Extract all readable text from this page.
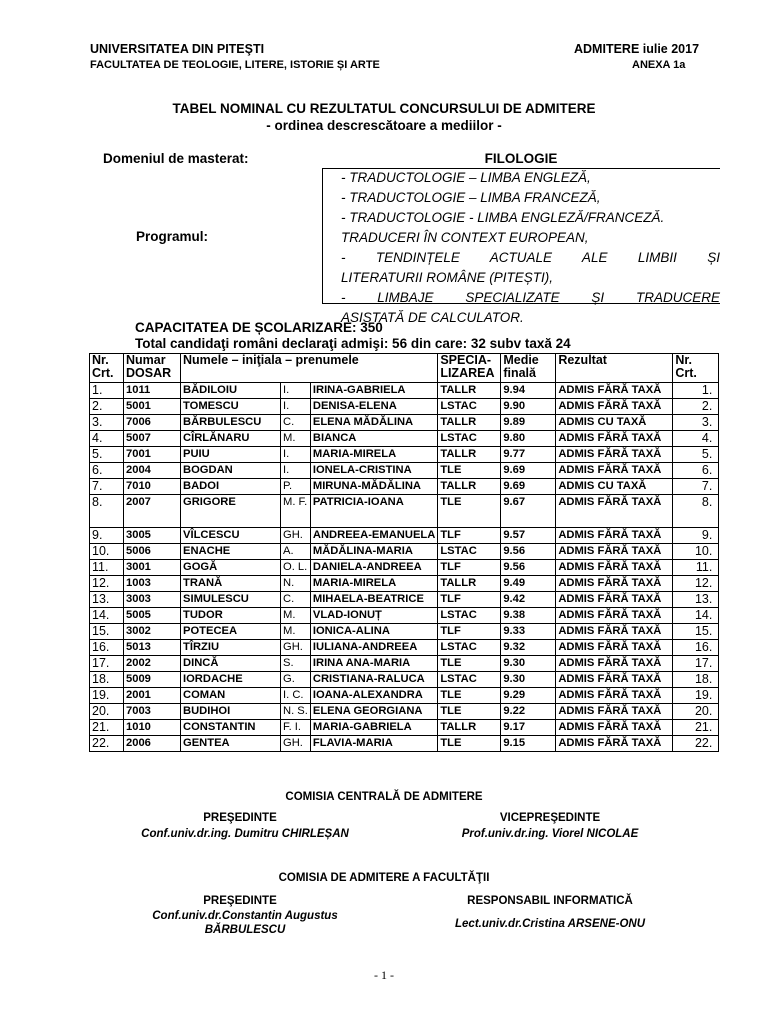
UNIVERSITATEA DIN PITEŞTI
FACULTATEA DE TEOLOGIE, LITERE, ISTORIE ȘI ARTE
ADMITERE iulie 2017
ANEXA 1a
TABEL NOMINAL CU REZULTATUL CONCURSULUI DE ADMITERE
- ordinea descrescătoare a mediilor -
Domeniul de masterat:	FILOLOGIE
Programul:
- TRADUCTOLOGIE – LIMBA ENGLEZĂ,
- TRADUCTOLOGIE – LIMBA FRANCEZĂ,
- TRADUCTOLOGIE - LIMBA ENGLEZĂ/FRANCEZĂ.
TRADUCERI ÎN CONTEXT EUROPEAN,
- TENDINȚELE ACTUALE ALE LIMBII ȘI
LITERATURII ROMÂNE (PITEȘTI),
- LIMBAJE SPECIALIZATE ȘI TRADUCERE
ASISTATĂ DE CALCULATOR.
CAPACITATEA DE ȘCOLARIZARE: 350
Total candidaţi români declaraţi admişi: 56 din care: 32 subv taxă 24
Nr. Crt.	Numar DOSAR	Numele – iniţiala – prenumele			SPECIA-LIZAREA	Medie finală	Rezultat	Nr. Crt.
1.	1011	BĂDILOIU	I.	IRINA-GABRIELA	TALLR	9.94	ADMIS FĂRĂ TAXĂ	1.
2.	5001	TOMESCU	I.	DENISA-ELENA	LSTAC	9.90	ADMIS FĂRĂ TAXĂ	2.
3.	7006	BĂRBULESCU	C.	ELENA MĂDĂLINA	TALLR	9.89	ADMIS CU TAXĂ	3.
4.	5007	CÎRLĂNARU	M.	BIANCA	LSTAC	9.80	ADMIS FĂRĂ TAXĂ	4.
5.	7001	PUIU	I.	MARIA-MIRELA	TALLR	9.77	ADMIS FĂRĂ TAXĂ	5.
6.	2004	BOGDAN	I.	IONELA-CRISTINA	TLE	9.69	ADMIS FĂRĂ TAXĂ	6.
7.	7010	BADOI	P.	MIRUNA-MĂDĂLINA	TALLR	9.69	ADMIS CU TAXĂ	7.
8.	2007	GRIGORE	M. F.	PATRICIA-IOANA	TLE	9.67	ADMIS FĂRĂ TAXĂ	8.
9.	3005	VÎLCESCU	GH.	ANDREEA-EMANUELA	TLF	9.57	ADMIS FĂRĂ TAXĂ	9.
10.	5006	ENACHE	A.	MĂDĂLINA-MARIA	LSTAC	9.56	ADMIS FĂRĂ TAXĂ	10.
11.	3001	GOGĂ	O. L.	DANIELA-ANDREEA	TLF	9.56	ADMIS FĂRĂ TAXĂ	11.
12.	1003	TRANĂ	N.	MARIA-MIRELA	TALLR	9.49	ADMIS FĂRĂ TAXĂ	12.
13.	3003	SIMULESCU	C.	MIHAELA-BEATRICE	TLF	9.42	ADMIS FĂRĂ TAXĂ	13.
14.	5005	TUDOR	M.	VLAD-IONUȚ	LSTAC	9.38	ADMIS FĂRĂ TAXĂ	14.
15.	3002	POTECEA	M.	IONICA-ALINA	TLF	9.33	ADMIS FĂRĂ TAXĂ	15.
16.	5013	TÎRZIU	GH.	IULIANA-ANDREEA	LSTAC	9.32	ADMIS FĂRĂ TAXĂ	16.
17.	2002	DINCĂ	S.	IRINA ANA-MARIA	TLE	9.30	ADMIS FĂRĂ TAXĂ	17.
18.	5009	IORDACHE	G.	CRISTIANA-RALUCA	LSTAC	9.30	ADMIS FĂRĂ TAXĂ	18.
19.	2001	COMAN	I. C.	IOANA-ALEXANDRA	TLE	9.29	ADMIS FĂRĂ TAXĂ	19.
20.	7003	BUDIHOI	N. S.	ELENA GEORGIANA	TLE	9.22	ADMIS FĂRĂ TAXĂ	20.
21.	1010	CONSTANTIN	F. I.	MARIA-GABRIELA	TALLR	9.17	ADMIS FĂRĂ TAXĂ	21.
22.	2006	GENTEA	GH.	FLAVIA-MARIA	TLE	9.15	ADMIS FĂRĂ TAXĂ	22.
COMISIA CENTRALĂ DE ADMITERE
PREŞEDINTE
Conf.univ.dr.ing. Dumitru CHIRLEȘAN
VICEPREŞEDINTE
Prof.univ.dr.ing. Viorel NICOLAE
COMISIA DE ADMITERE A FACULTĂŢII
PREŞEDINTE
Conf.univ.dr.Constantin Augustus
BĂRBULESCU
RESPONSABIL INFORMATICĂ
Lect.univ.dr.Cristina ARSENE-ONU
- 1 -
